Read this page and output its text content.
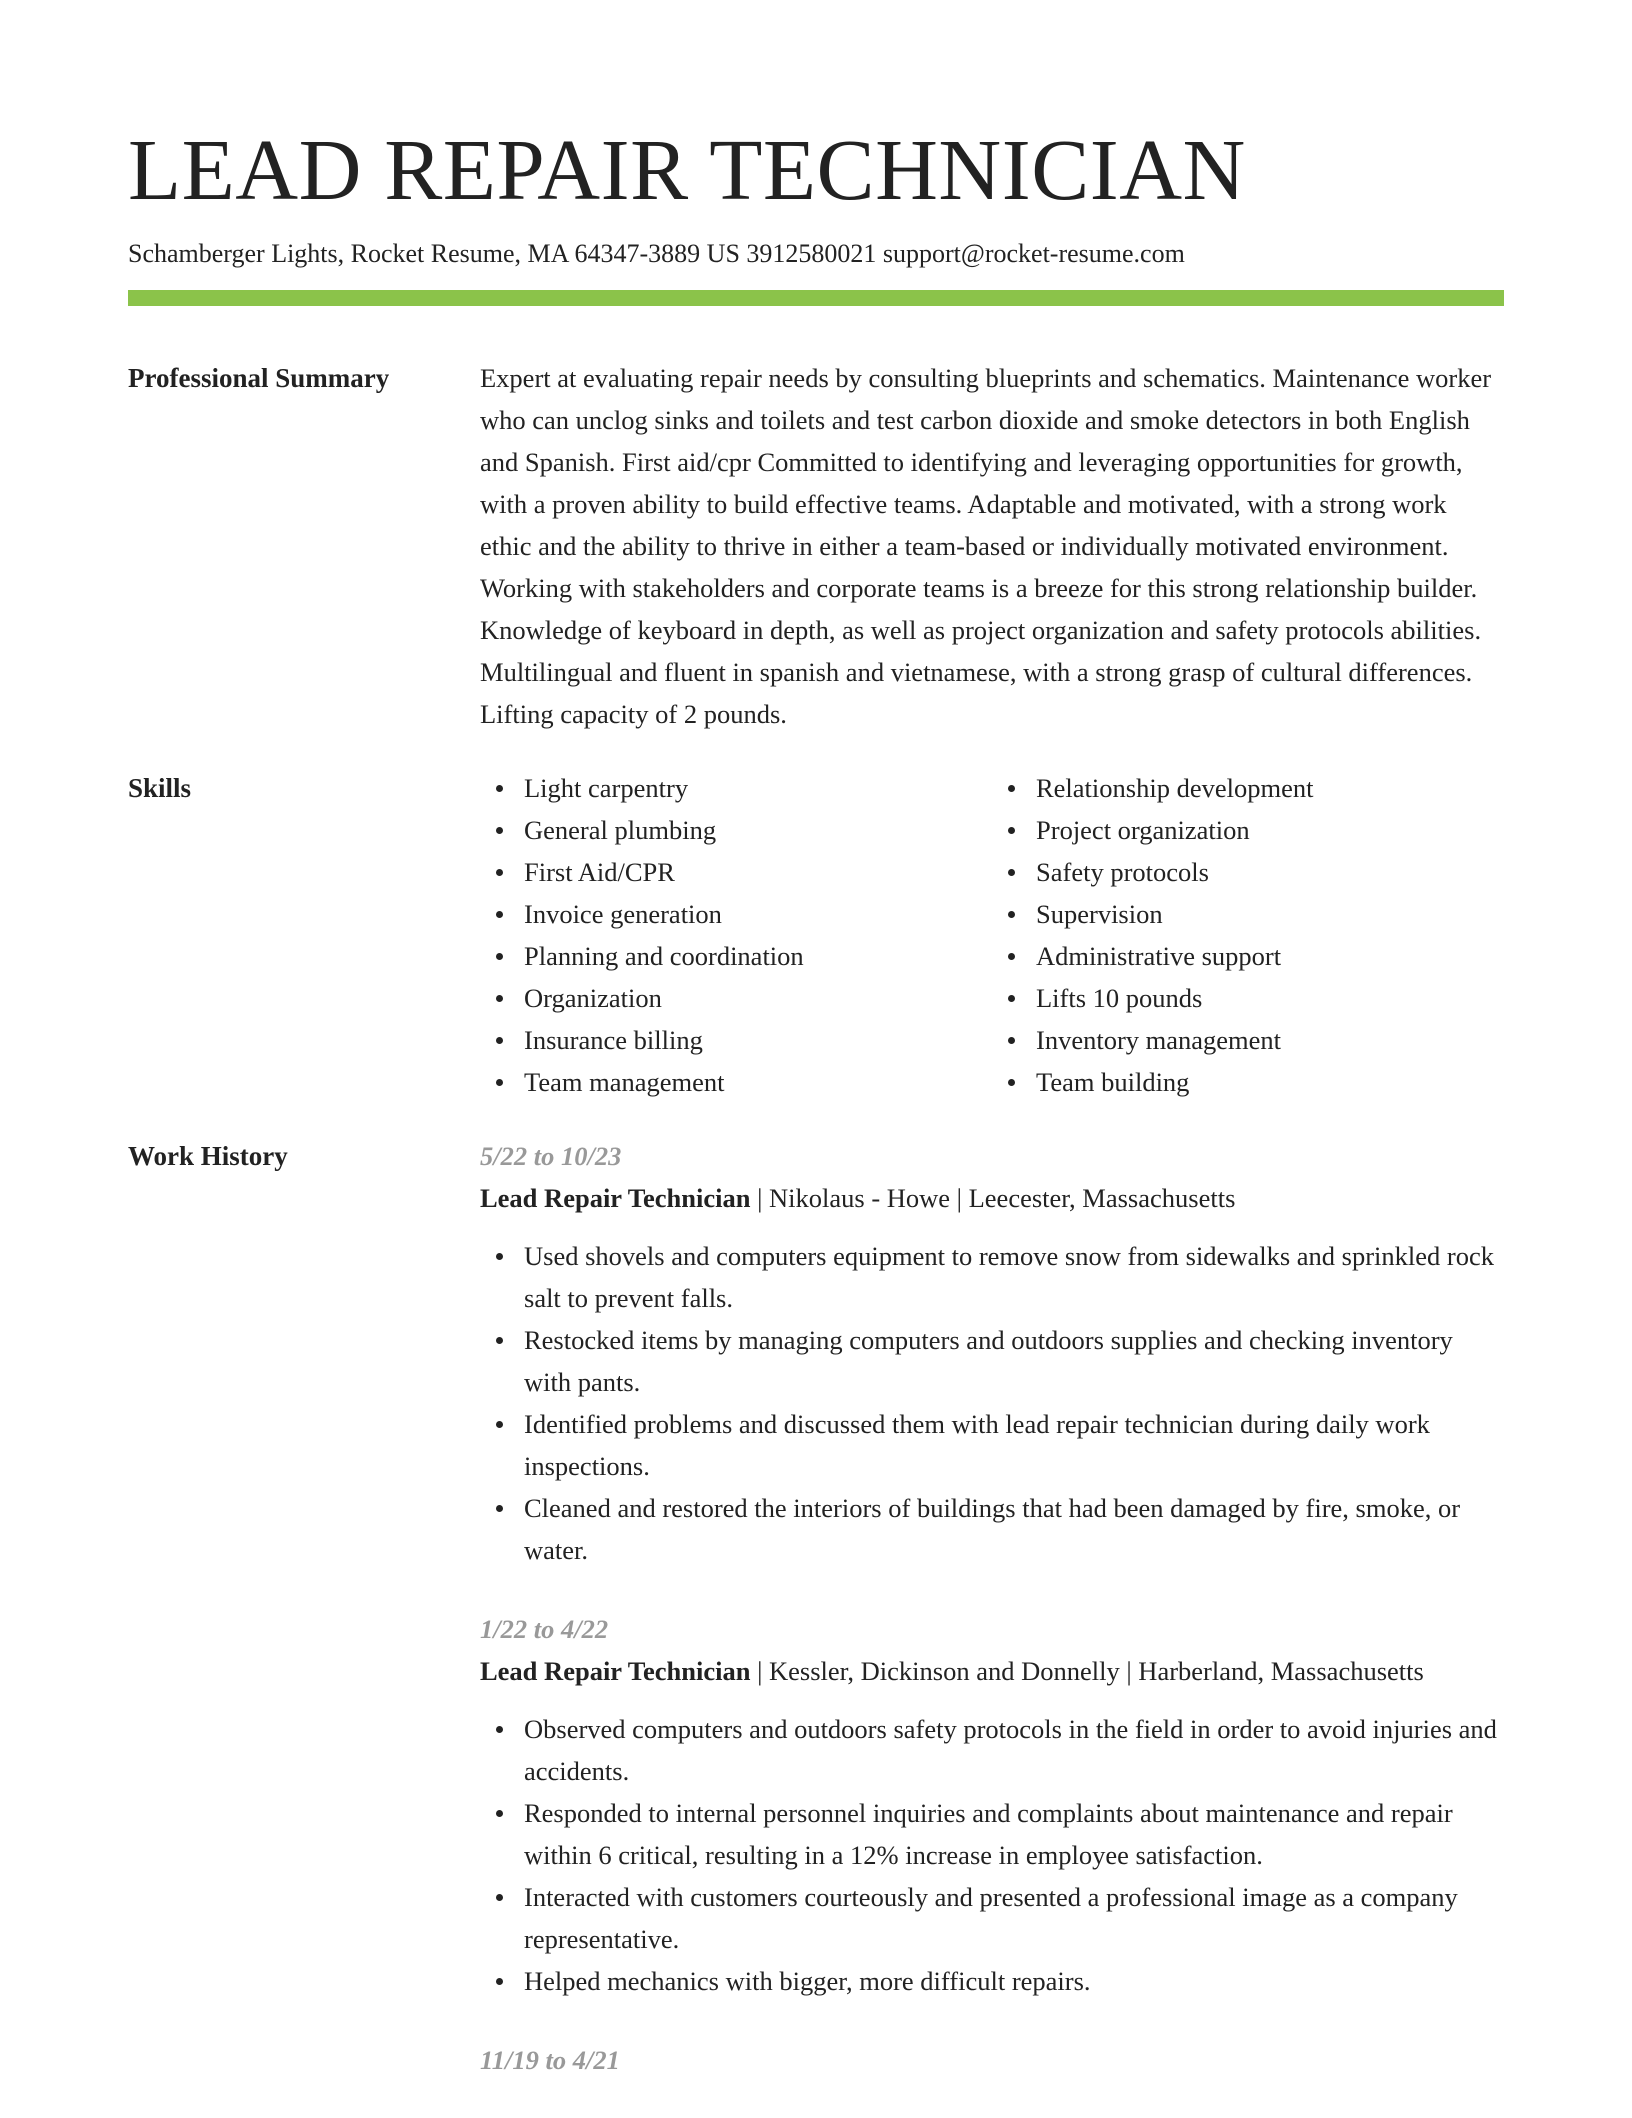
LEAD REPAIR TECHNICIAN
Schamberger Lights, Rocket Resume, MA 64347-3889 US 3912580021 support@rocket-resume.com
Professional Summary	Expert at evaluating repair needs by consulting blueprints and schematics. Maintenance worker who can unclog sinks and toilets and test carbon dioxide and smoke detectors in both English and Spanish. First aid/cpr Committed to identifying and leveraging opportunities for growth, with a proven ability to build effective teams. Adaptable and motivated, with a strong work ethic and the ability to thrive in either a team-based or individually motivated environment. Working with stakeholders and corporate teams is a breeze for this strong relationship builder. Knowledge of keyboard in depth, as well as project organization and safety protocols abilities. Multilingual and fluent in spanish and vietnamese, with a strong grasp of cultural differences. Lifting capacity of 2 pounds.

Skills	Light carpentry
General plumbing
First Aid/CPR
Invoice generation
Planning and coordination
Organization
Insurance billing
Team management
Relationship development
Project organization
Safety protocols
Supervision
Administrative support
Lifts 10 pounds
Inventory management
Team building
Work History	5/22 to 10/23
Lead Repair Technician | Nikolaus - Howe | Leecester, Massachusetts
Used shovels and computers equipment to remove snow from sidewalks and sprinkled rock salt to prevent falls.
Restocked items by managing computers and outdoors supplies and checking inventory with pants.
Identified problems and discussed them with lead repair technician during daily work inspections.
Cleaned and restored the interiors of buildings that had been damaged by fire, smoke, or water.
1/22 to 4/22
Lead Repair Technician | Kessler, Dickinson and Donnelly | Harberland, Massachusetts
Observed computers and outdoors safety protocols in the field in order to avoid injuries and accidents.
Responded to internal personnel inquiries and complaints about maintenance and repair within 6 critical, resulting in a 12% increase in employee satisfaction.
Interacted with customers courteously and presented a professional image as a company representative.
Helped mechanics with bigger, more difficult repairs.
11/19 to 4/21
